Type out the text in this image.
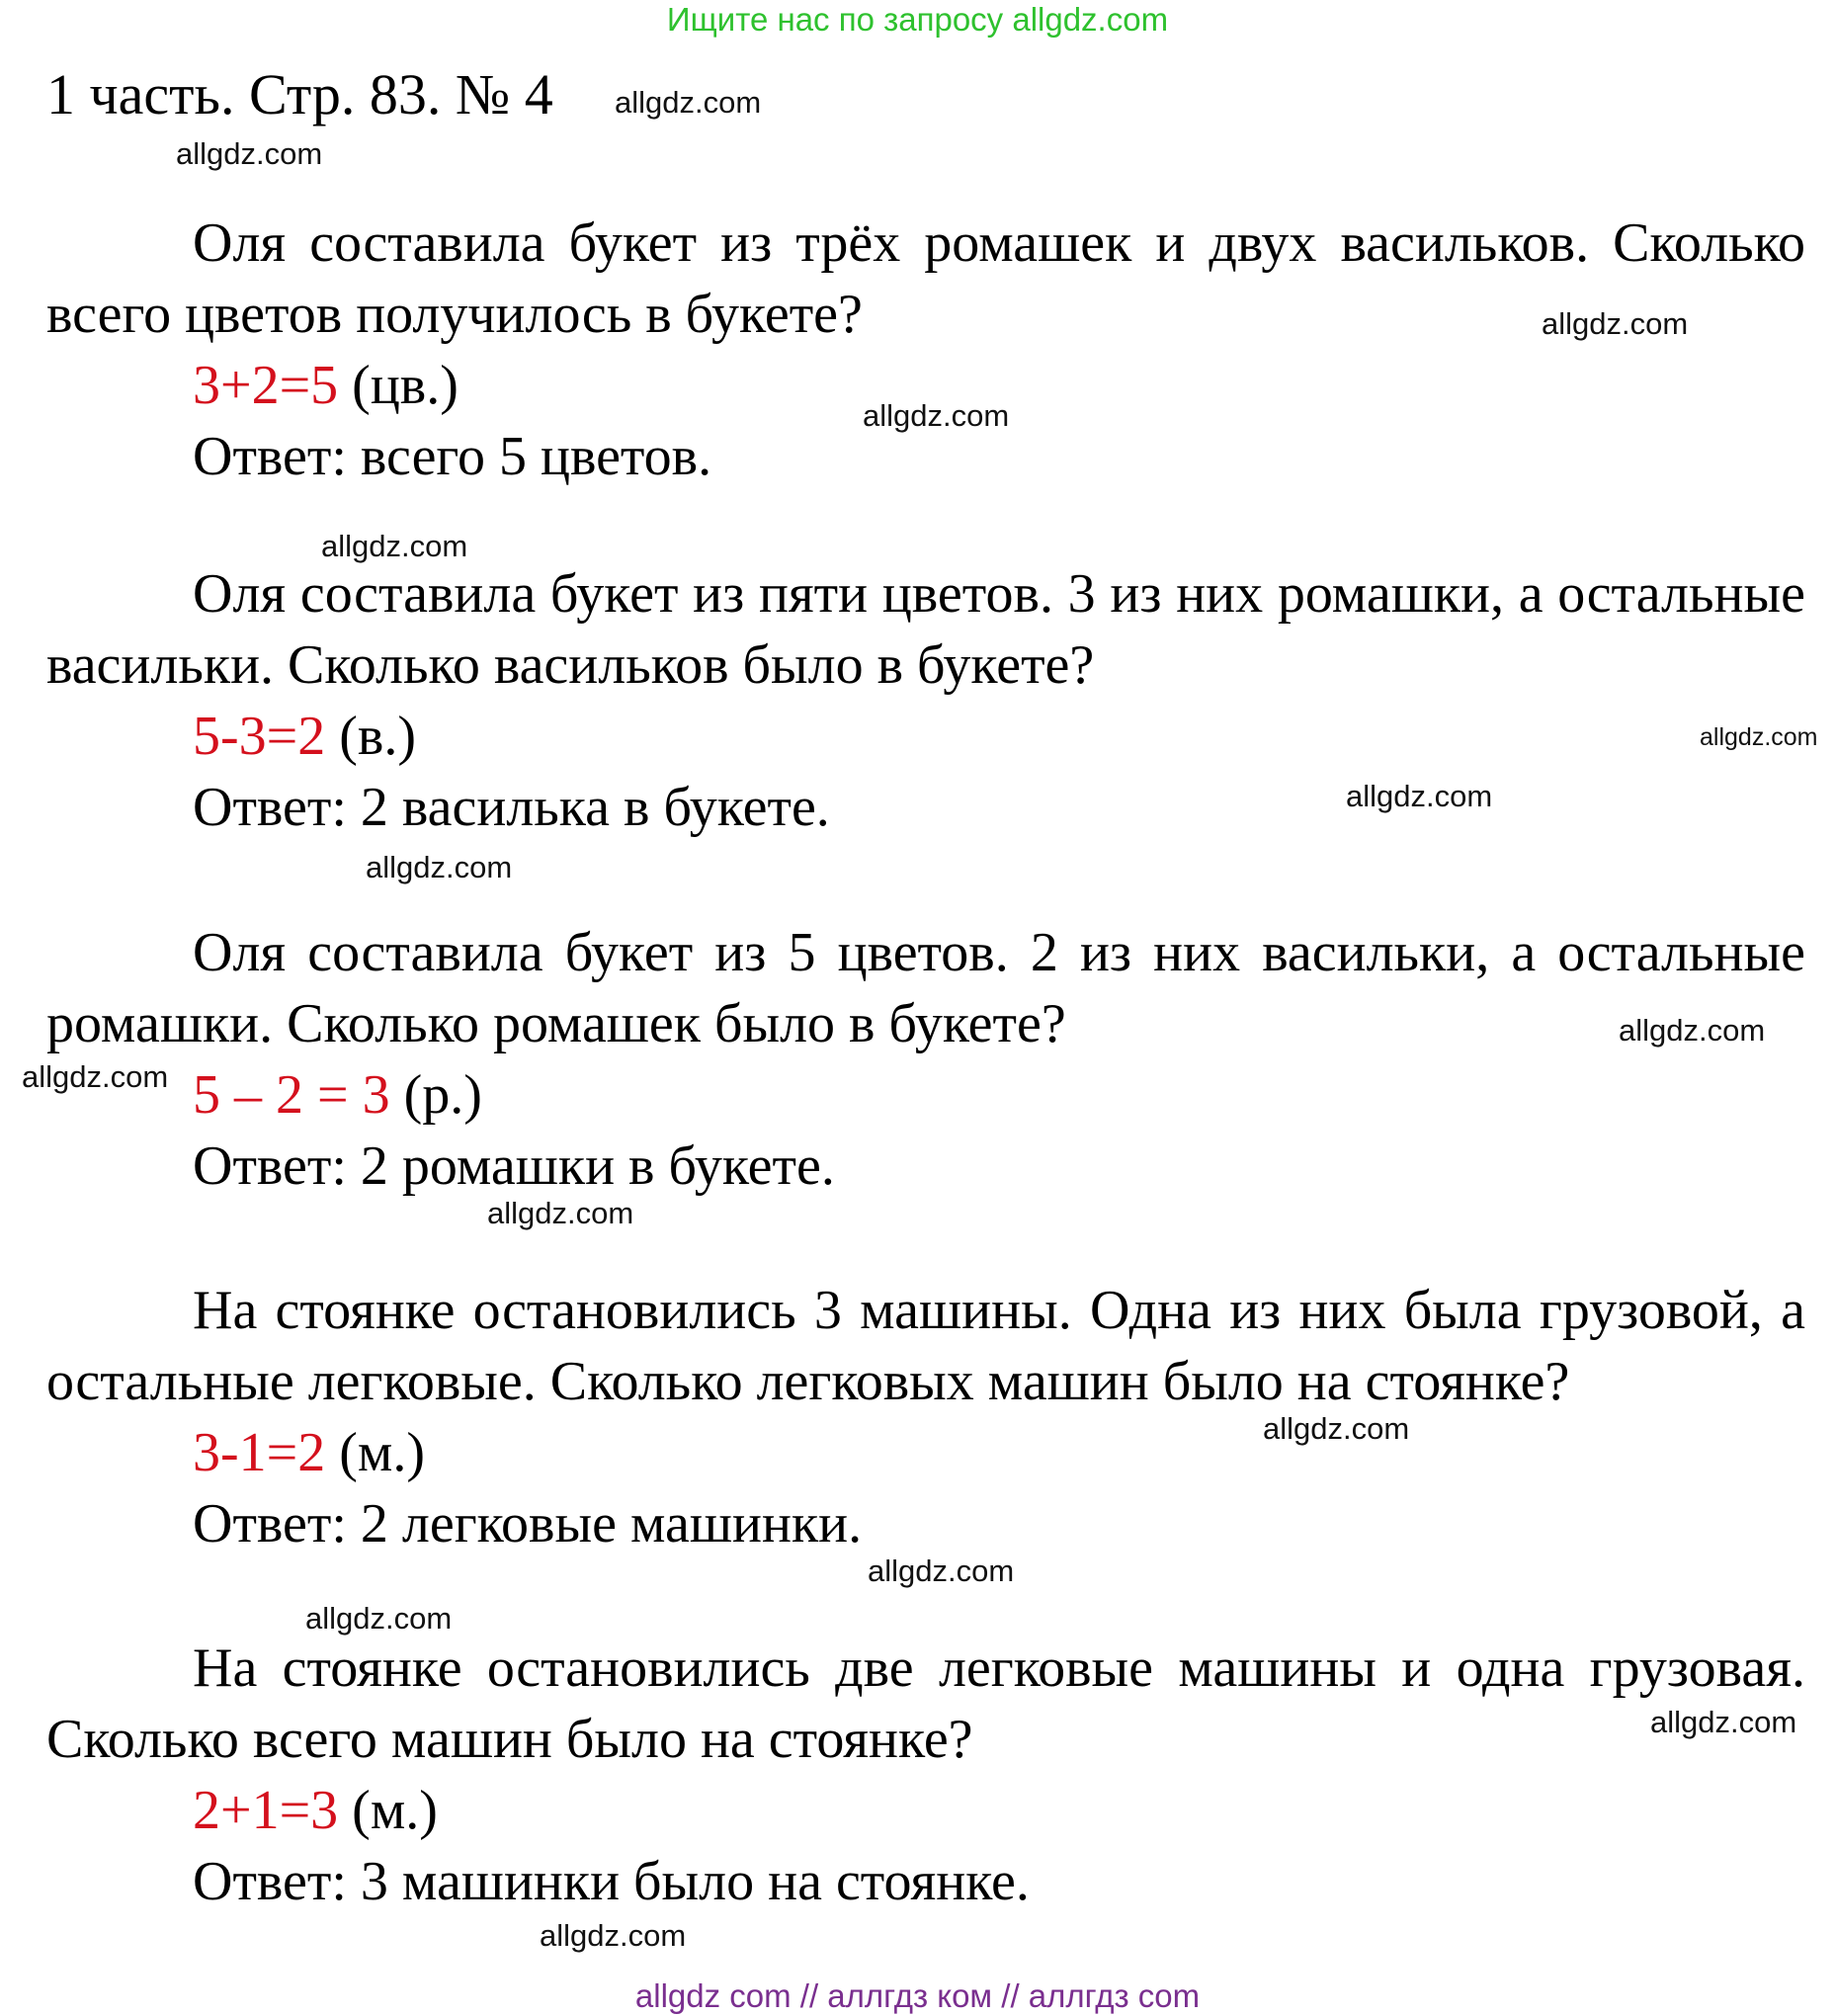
Ищите нас по запросу allgdz.com
1 часть. Стр. 83. № 4

Оля составила букет из трёх ромашек и двух васильков. Сколько всего цветов получилось в букете?

3+2=5 (цв.)

Ответ: всего 5 цветов.

Оля составила букет из пяти цветов. 3 из них ромашки, а остальные васильки. Сколько васильков было в букете?

5-3=2 (в.)

Ответ: 2 василька в букете.

Оля составила букет из 5 цветов. 2 из них васильки, а остальные ромашки. Сколько ромашек было в букете?

5 – 2 = 3 (р.)

Ответ: 2 ромашки в букете.

На стоянке остановились 3 машины. Одна из них была грузовой, а остальные легковые. Сколько легковых машин было на стоянке?

3-1=2 (м.)

Ответ: 2 легковые машинки.

На стоянке остановились две легковые машины и одна грузовая. Сколько всего машин было на стоянке?

2+1=3 (м.)

Ответ: 3 машинки было на стоянке.

allgdz.com
allgdz.com
allgdz.com
allgdz.com
allgdz.com
allgdz.com
allgdz.com
allgdz.com
allgdz.com
allgdz.com
allgdz.com
allgdz.com
allgdz.com
allgdz.com
allgdz.com
allgdz.com
allgdz com // аллгдз ком // аллгдз com
